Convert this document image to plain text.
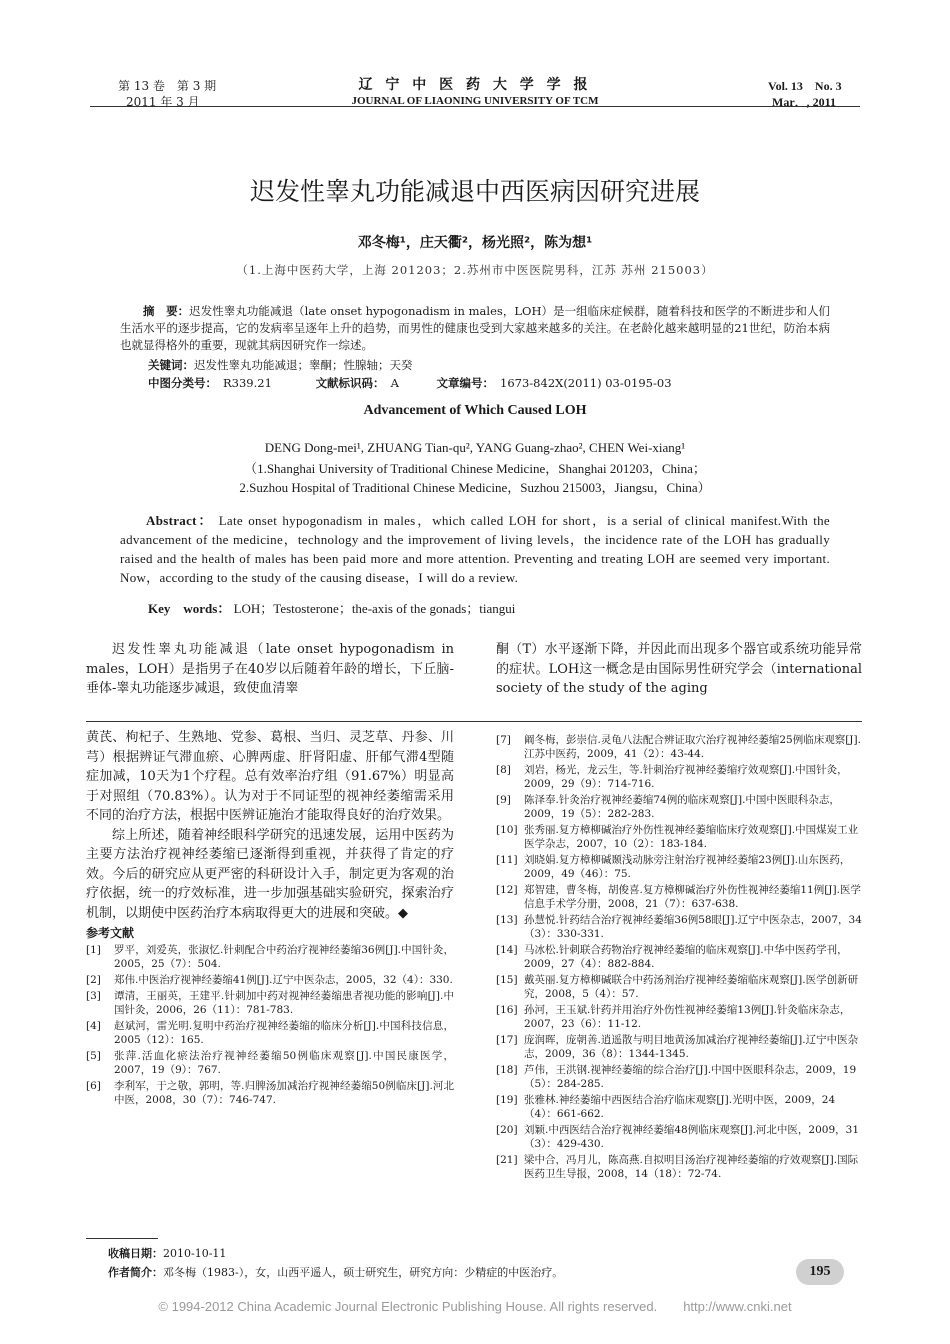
第 13 卷　第 3 期
2011 年 3 月
辽 宁 中 医 药 大 学 学 报
JOURNAL OF LIAONING UNIVERSITY OF TCM
Vol. 13　No. 3
Mar．, 2011
迟发性睾丸功能减退中西医病因研究进展
邓冬梅¹，庄天衢²，杨光照²，陈为想¹
（1.上海中医药大学，上海 201203；2.苏州市中医医院男科，江苏 苏州 215003）
摘　要：迟发性睾丸功能减退（late onset hypogonadism in males，LOH）是一组临床症候群，随着科技和医学的不断进步和人们生活水平的逐步提高，它的发病率呈逐年上升的趋势，而男性的健康也受到大家越来越多的关注。在老龄化越来越明显的21世纪，防治本病也就显得格外的重要，现就其病因研究作一综述。
关键词：迟发性睾丸功能减退；睾酮；性腺轴；天癸
中图分类号： R339.21	文献标识码： A	文章编号： 1673-842X(2011) 03-0195-03
Advancement of Which Caused LOH
DENG Dong-mei¹, ZHUANG Tian-qu², YANG Guang-zhao², CHEN Wei-xiang¹
（1.Shanghai University of Traditional Chinese Medicine，Shanghai 201203，China；
2.Suzhou Hospital of Traditional Chinese Medicine，Suzhou 215003，Jiangsu，China）
Abstract： Late onset hypogonadism in males，which called LOH for short，is a serial of clinical manifest.With the advancement of the medicine，technology and the improvement of living levels，the incidence rate of the LOH has gradually raised and the health of males has been paid more and more attention. Preventing and treating LOH are seemed very important. Now，according to the study of the causing disease，I will do a review.
Key　words： LOH；Testosterone；the-axis of the gonads；tiangui
迟发性睾丸功能减退（late onset hypogonadism in males，LOH）是指男子在40岁以后随着年龄的增长，下丘脑-垂体-睾丸功能逐步减退，致使血清睾
酮（T）水平逐渐下降，并因此而出现多个器官或系统功能异常的症状。LOH这一概念是由国际男性研究学会（international society of the study of the aging

黄芪、枸杞子、生熟地、党参、葛根、当归、灵芝草、丹参、川芎）根据辨证气滞血瘀、心脾两虚、肝肾阳虚、肝郁气滞4型随症加减，10天为1个疗程。总有效率治疗组（91.67%）明显高于对照组（70.83%）。认为对于不同证型的视神经萎缩需采用不同的治疗方法，根据中医辨证施治才能取得良好的治疗效果。

综上所述，随着神经眼科学研究的迅速发展，运用中医药为主要方法治疗视神经萎缩已逐渐得到重视，并获得了肯定的疗效。今后的研究应从更严密的科研设计入手，制定更为客观的治疗依据，统一的疗效标准，进一步加强基础实验研究，探索治疗机制，以期使中医药治疗本病取得更大的进展和突破。◆

参考文献
[1]	罗平，刘爱英，张淑忆.针刺配合中药治疗视神经萎缩36例[J].中国针灸，2005，25（7）：504.
[2]	郑伟.中医治疗视神经萎缩41例[J].辽宁中医杂志，2005，32（4）：330.
[3]	谭清，王丽英，王建平.针刺加中药对视神经萎缩患者视功能的影响[J].中国针灸，2006，26（11）：781-783.
[4]	赵斌河，雷光明.复明中药治疗视神经萎缩的临床分析[J].中国科技信息，2005（12）：165.
[5]	张萍.活血化瘀法治疗视神经萎缩50例临床观察[J].中国民康医学，2007，19（9）：767.
[6]	李利军，于之敬，郭明，等.归脾汤加减治疗视神经萎缩50例临床[J].河北中医，2008，30（7）：746-747.
[7]	阚冬梅，彭崇信.灵龟八法配合辨证取穴治疗视神经萎缩25例临床观察[J].江苏中医药，2009，41（2）：43-44.
[8]	刘岩，杨光，龙云生，等.针刺治疗视神经萎缩疗效观察[J].中国针灸，2009，29（9）：714-716.
[9]	陈泽奉.针灸治疗视神经萎缩74例的临床观察[J].中国中医眼科杂志，2009，19（5）：282-283.
[10] 张秀丽.复方樟柳碱治疗外伤性视神经萎缩临床疗效观察[J].中国煤炭工业医学杂志，2007，10（2）：183-184.
[11] 刘晓娟.复方樟柳碱颞浅动脉旁注射治疗视神经萎缩23例[J].山东医药，2009，49（46）：75.
[12] 郑智建，曹冬梅，胡俊喜.复方樟柳碱治疗外伤性视神经萎缩11例[J].医学信息手术学分册，2008，21（7）：637-638.
[13] 孙慧悦.针药结合治疗视神经萎缩36例58眼[J].辽宁中医杂志，2007，34（3）：330-331.
[14] 马冰松.针刺联合药物治疗视神经萎缩的临床观察[J].中华中医药学刊，2009，27（4）：882-884.
[15] 戴英丽.复方樟柳碱联合中药汤剂治疗视神经萎缩临床观察[J].医学创新研究，2008，5（4）：57.
[16] 孙河，王玉斌.针药并用治疗外伤性视神经萎缩13例[J].针灸临床杂志，2007，23（6）：11-12.
[17] 庞润晖，庞朝善.逍遥散与明目地黄汤加减治疗视神经萎缩[J].辽宁中医杂志，2009，36（8）：1344-1345.
[18] 芦伟，王洪钢.视神经萎缩的综合治疗[J].中国中医眼科杂志，2009，19（5）：284-285.
[19] 张雅林.神经萎缩中西医结合治疗临床观察[J].光明中医，2009，24（4）：661-662.
[20] 刘颖.中西医结合治疗视神经萎缩48例临床观察[J].河北中医，2009，31（3）：429-430.
[21] 梁中合，冯月儿，陈高燕.自拟明目汤治疗视神经萎缩的疗效观察[J].国际医药卫生导报，2008，14（18）：72-74.
收稿日期：2010-10-11
作者简介：邓冬梅（1983-），女，山西平遥人，硕士研究生，研究方向：少精症的中医治疗。	195
© 1994-2012 China Academic Journal Electronic Publishing House. All rights reserved.　　http://www.cnki.net
